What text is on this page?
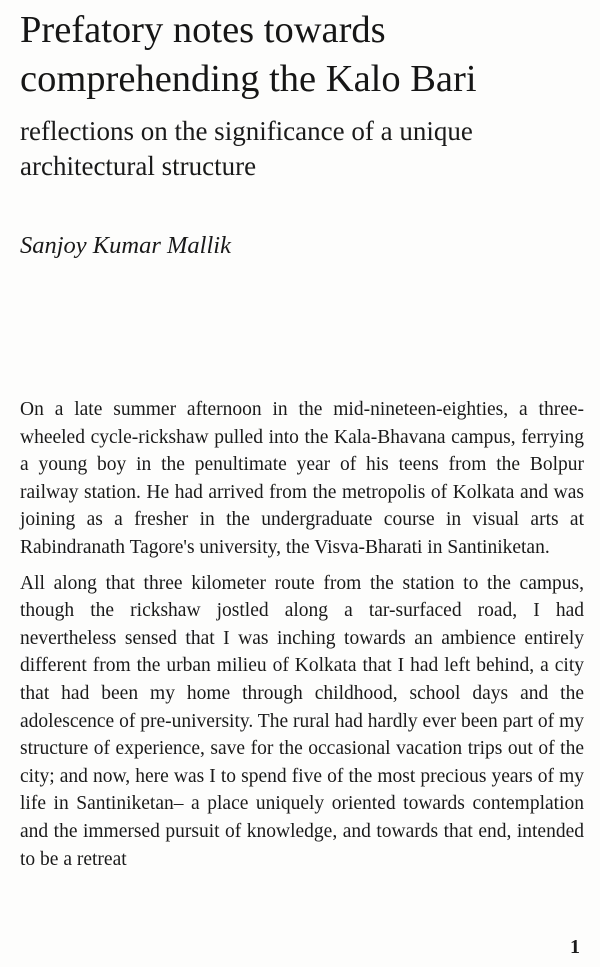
Prefatory notes towards comprehending the Kalo Bari
reflections on the significance of a unique architectural structure

Sanjoy Kumar Mallik

On a late summer afternoon in the mid-nineteen-eighties, a three-wheeled cycle-rickshaw pulled into the Kala-Bhavana campus, ferrying a young boy in the penultimate year of his teens from the Bolpur railway station. He had arrived from the metropolis of Kolkata and was joining as a fresher in the undergraduate course in visual arts at Rabindranath Tagore's university, the Visva-Bharati in Santiniketan.

All along that three kilometer route from the station to the campus, though the rickshaw jostled along a tar-surfaced road, I had nevertheless sensed that I was inching towards an ambience entirely different from the urban milieu of Kolkata that I had left behind, a city that had been my home through childhood, school days and the adolescence of pre-university. The rural had hardly ever been part of my structure of experience, save for the occasional vacation trips out of the city; and now, here was I to spend five of the most precious years of my life in Santiniketan– a place uniquely oriented towards contemplation and the immersed pursuit of knowledge, and towards that end, intended to be a retreat

1
